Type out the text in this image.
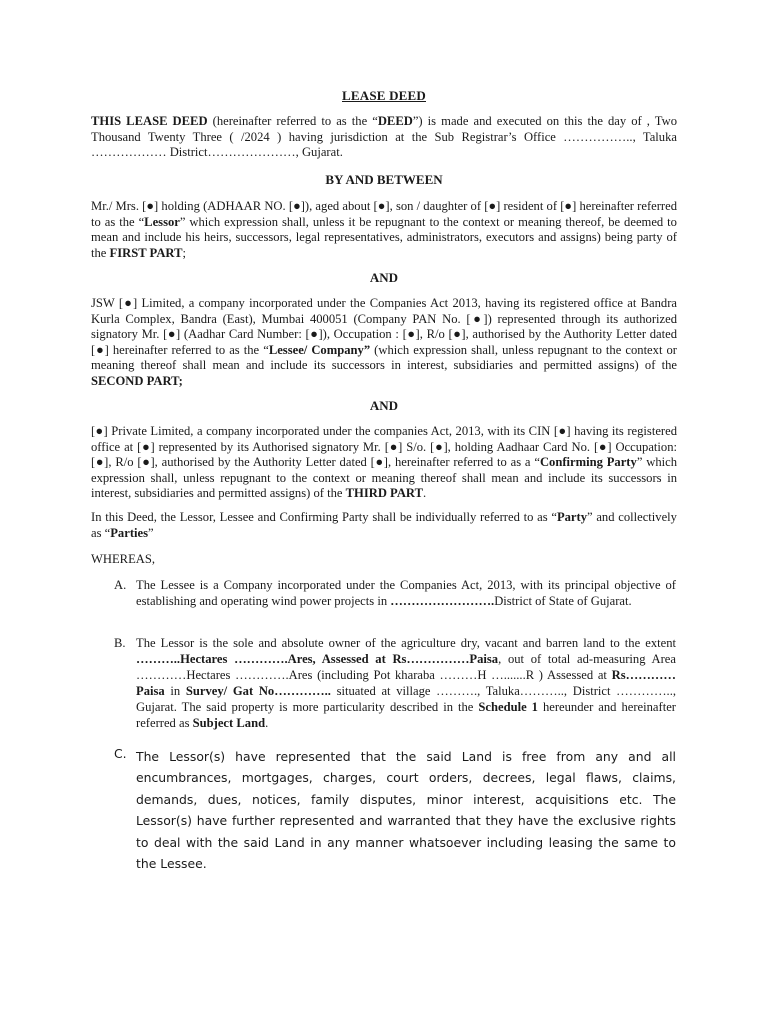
LEASE DEED
THIS LEASE DEED (hereinafter referred to as the “DEED”) is made and executed on this the day of , Two Thousand Twenty Three ( /2024 ) having jurisdiction at the Sub Registrar’s Office …………….., Taluka ……………… District…………………, Gujarat.
BY AND BETWEEN
Mr./ Mrs. [●] holding (ADHAAR NO. [●]), aged about [●], son / daughter of [●] resident of [●] hereinafter referred to as the “Lessor” which expression shall, unless it be repugnant to the context or meaning thereof, be deemed to mean and include his heirs, successors, legal representatives, administrators, executors and assigns) being party of the FIRST PART;
AND
JSW [●] Limited, a company incorporated under the Companies Act 2013, having its registered office at Bandra Kurla Complex, Bandra (East), Mumbai 400051 (Company PAN No. [●]) represented through its authorized signatory Mr. [●] (Aadhar Card Number: [●]), Occupation : [●], R/o [●], authorised by the Authority Letter dated [●] hereinafter referred to as the “Lessee/ Company” (which expression shall, unless repugnant to the context or meaning thereof shall mean and include its successors in interest, subsidiaries and permitted assigns) of the SECOND PART;
AND
[●] Private Limited, a company incorporated under the companies Act, 2013, with its CIN [●] having its registered office at [●] represented by its Authorised signatory Mr. [●] S/o. [●], holding Aadhaar Card No. [●] Occupation: [●], R/o [●], authorised by the Authority Letter dated [●], hereinafter referred to as a “Confirming Party” which expression shall, unless repugnant to the context or meaning thereof shall mean and include its successors in interest, subsidiaries and permitted assigns) of the THIRD PART.
In this Deed, the Lessor, Lessee and Confirming Party shall be individually referred to as “Party” and collectively as “Parties”
WHEREAS,
A. The Lessee is a Company incorporated under the Companies Act, 2013, with its principal objective of establishing and operating wind power projects in …………………….District of State of Gujarat.
B. The Lessor is the sole and absolute owner of the agriculture dry, vacant and barren land to the extent ………..Hectares ………….Ares, Assessed at Rs……………Paisa, out of total ad-measuring Area …………Hectares ………….Ares (including Pot kharaba ………H ….......R ) Assessed at Rs…………Paisa in Survey/ Gat No………….. situated at village ………., Taluka……….., District ………….., Gujarat. The said property is more particularity described in the Schedule 1 hereunder and hereinafter referred as Subject Land.
C. The Lessor(s) have represented that the said Land is free from any and all encumbrances, mortgages, charges, court orders, decrees, legal flaws, claims, demands, dues, notices, family disputes, minor interest, acquisitions etc. The Lessor(s) have further represented and warranted that they have the exclusive rights to deal with the said Land in any manner whatsoever including leasing the same to the Lessee.
